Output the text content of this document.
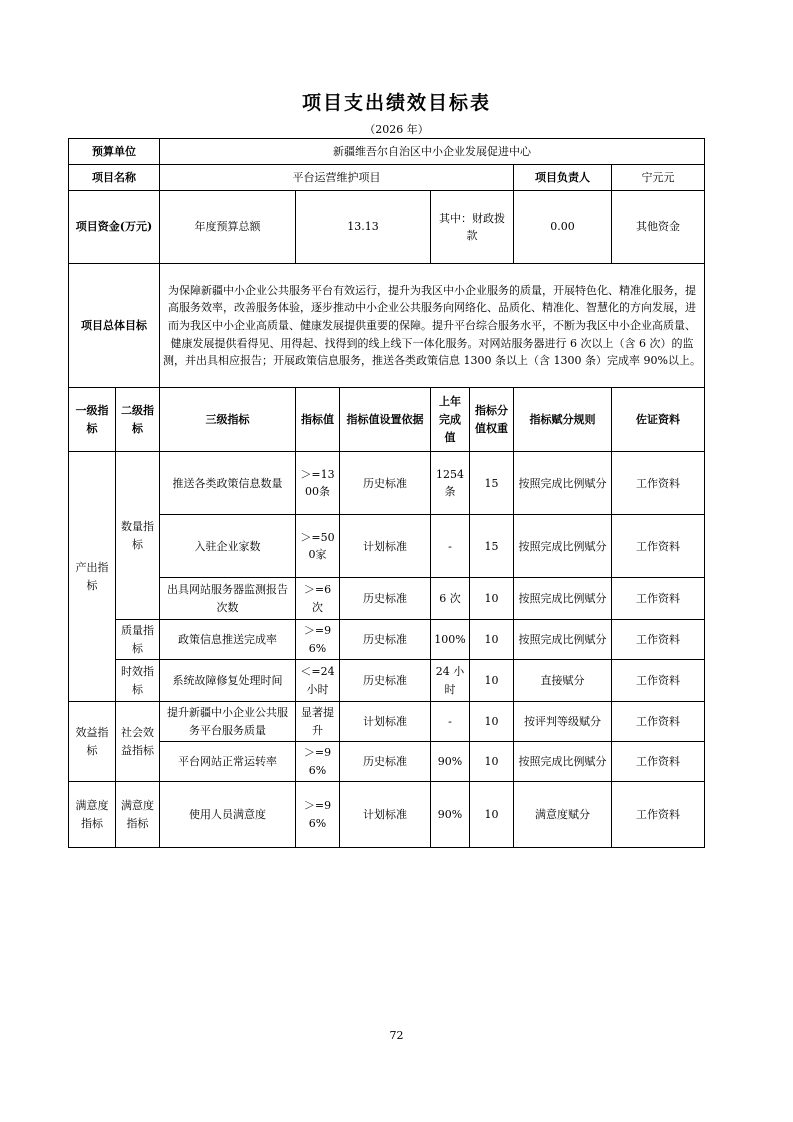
项目支出绩效目标表
（2026 年）
预算单位		新疆维吾尔自治区中小企业发展促进中心							
项目名称		平台运营维护项目					项目负责人	宁元元	
项目资金(万元)		年度预算总额	13.13		其中：财政拨款		0.00	其他资金	
项目总体目标		为保障新疆中小企业公共服务平台有效运行，提升为我区中小企业服务的质量，开展特色化、精准化服务，提高服务效率，改善服务体验，逐步推动中小企业公共服务向网络化、品质化、精准化、智慧化的方向发展，进而为我区中小企业高质量、健康发展提供重要的保障。提升平台综合服务水平，不断为我区中小企业高质量、健康发展提供看得见、用得起、找得到的线上线下一体化服务。对网站服务器进行 6 次以上（含 6 次）的监测，并出具相应报告；开展政策信息服务，推送各类政策信息 1300 条以上（含 1300 条）完成率 90%以上。							
一级指标	二级指标	三级指标	指标值	指标值设置依据	上年完成值	指标分值权重	指标赋分规则	佐证资料	
产出指标	数量指标	推送各类政策信息数量	＞=1300条	历史标准	1254条	15	按照完成比例赋分	工作资料	
		入驻企业家数	＞=500家	计划标准	-	15	按照完成比例赋分	工作资料	
		出具网站服务器监测报告次数	＞=6次	历史标准	6 次	10	按照完成比例赋分	工作资料	
	质量指标	政策信息推送完成率	＞=96%	历史标准	100%	10	按照完成比例赋分	工作资料	
	时效指标	系统故障修复处理时间	＜=24小时	历史标准	24 小时	10	直接赋分	工作资料	
效益指标	社会效益指标	提升新疆中小企业公共服务平台服务质量	显著提升	计划标准	-	10	按评判等级赋分	工作资料	
		平台网站正常运转率	＞=96%	历史标准	90%	10	按照完成比例赋分	工作资料	
满意度指标	满意度指标	使用人员满意度	＞=96%	计划标准	90%	10	满意度赋分	工作资料	
72
